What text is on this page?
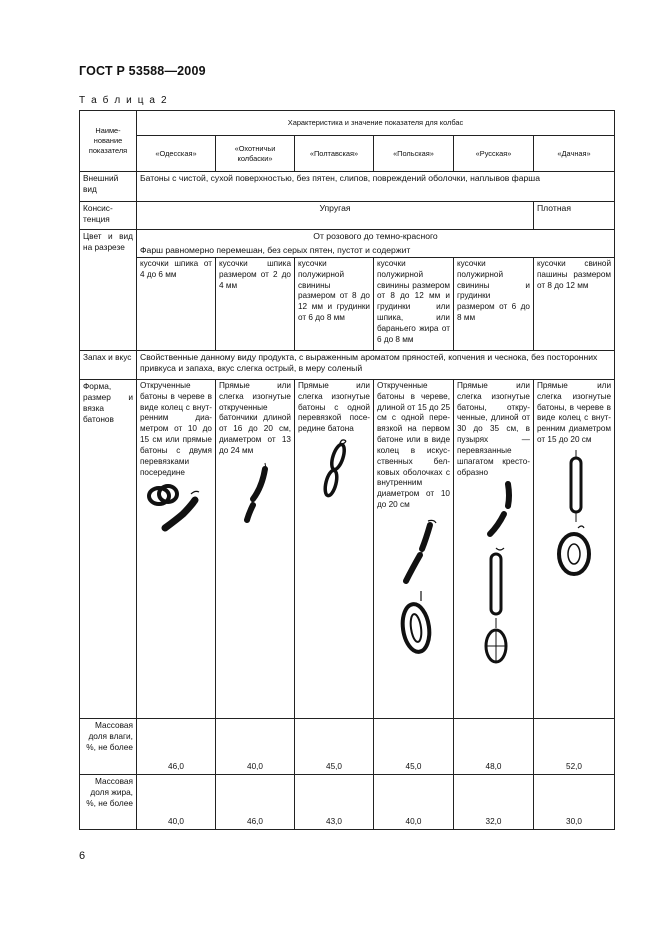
ГОСТ Р 53588—2009
Т а б л и ц а 2
Наименование показателя	Характеристика и значение показателя для колбас					
	«Одесская»	«Охотничьи колбаски»	«Полтавская»	«Польская»	«Русская»	«Дачная»
Внешний вид	Батоны с чистой, сухой поверхностью, без пятен, слипов, повреждений оболочки, наплывов фарша					
Консистенция	Упругая					Плотная
Цвет и вид на разрезе	От розового до темно-красного					
	Фарш равномерно перемешан, без серых пятен, пустот и содержит					
	кусочки шпика от 4 до 6 мм	кусочки шпика размером от 2 до 4 мм	кусочки полужирной свинины размером от 8 до 12 мм и грудинки от 6 до 8 мм	кусочки полужирной свинины размером от 8 до 12 мм и грудинки или шпика, или бараньего жира от 6 до 8 мм	кусочки полужирной свинины и грудинки размером от 6 до 8 мм	кусочки свиной пашины размером от 8 до 12 мм
Запах и вкус	Свойственные данному виду продукта, с выраженным ароматом пряностей, копчения и чеснока, без посторонних привкуса и запаха, вкус слегка острый, в меру соленый					
Форма, размер и вязка батонов	Открученные батоны в череве в виде колец с внутренним диаметром от 10 до 15 см или прямые батоны с двумя перевязками посередине	Прямые или слегка изогнутые открученные батончики длиной от 16 до 20 см, диаметром от 13 до 24 мм	Прямые или слегка изогнутые батоны с одной перевязкой посередине батона	Открученные батоны в череве, длиной от 15 до 25 см с одной перевязкой на первом батоне или в виде колец в искусственных белковых оболочках с внутренним диаметром от 10 до 20 см	Прямые или слегка изогнутые батоны, открученные, длиной от 30 до 35 см, в пузырях — перевязанные шпагатом крестообразно	Прямые или слегка изогнутые батоны, в черевe в виде колец с внутренним диаметром от 15 до 20 см

Массовая доля влаги, %, не более	46,0	40,0	45,0	45,0	48,0	52,0
Массовая доля жира, %, не более	40,0	46,0	43,0	40,0	32,0	30,0
6
